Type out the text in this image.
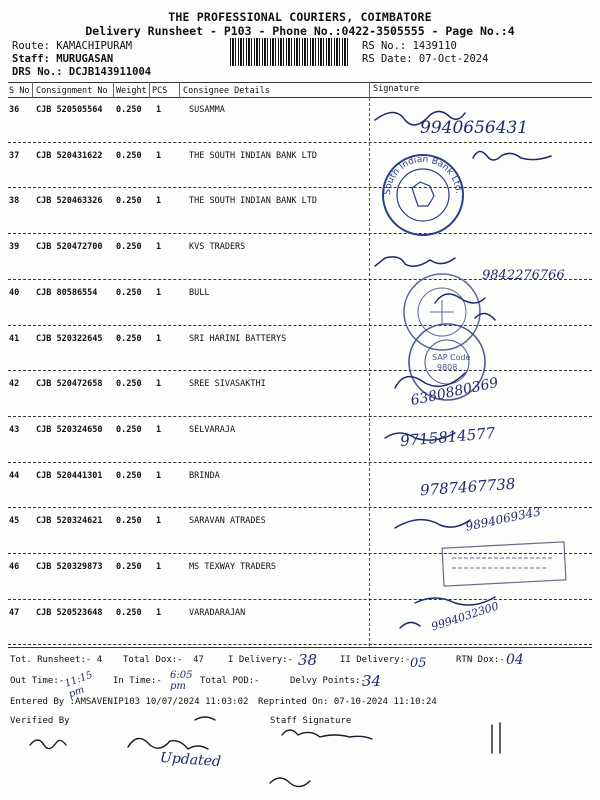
THE PROFESSIONAL COURIERS, COIMBATORE
Delivery Runsheet - P103 - Phone No.:0422-3505555 - Page No.:4
Route: KAMACHIPURAM
Staff: MURUGASAN
DRS No.: DCJB143911004
RS No.: 1439110
RS Date: 07-Oct-2024
S No Consignment No Weight PCS Consignee Details	Signature
36 CJB 520505564 0.250 1	SUSAMMA
37 CJB 520431622 0.250 1	THE SOUTH INDIAN BANK LTD
38 CJB 520463326 0.250 1	THE SOUTH INDIAN BANK LTD
39 CJB 520472700 0.250 1	KVS TRADERS
40 CJB 80586554 0.250 1	BULL
41 CJB 520322645 0.250 1	SRI HARINI BATTERYS
42 CJB 520472658 0.250 1	SREE SIVASAKTHI
43 CJB 520324650 0.250 1	SELVARAJA
44 CJB 520441301 0.250 1	BRINDA
45 CJB 520324621 0.250 1	SARAVAN ATRADES
46 CJB 520329873 0.250 1	MS TEXWAY TRADERS
47 CJB 520523648 0.250 1	VARADARAJAN
South Indian Bank Ltd.
SAP Code
9808
9940656431
9842276766
6380880369
9715814577
9787467738
9894069343
9994032300
Tot. Runsheet:- 4 Total Dox:- 47	I Delivery:- 38	II Delivery:- 05	RTN Dox:- 04
Out Time:- 11:15 pm
In Time:- 6:05 pm	Total POD:-	Delvy Points:-
34
Entered By :AMSAVENIP103 10/07/2024 11:03:02 Reprinted On: 07-10-2024 11:10:24
Verified By	Staff Signature
Updated
